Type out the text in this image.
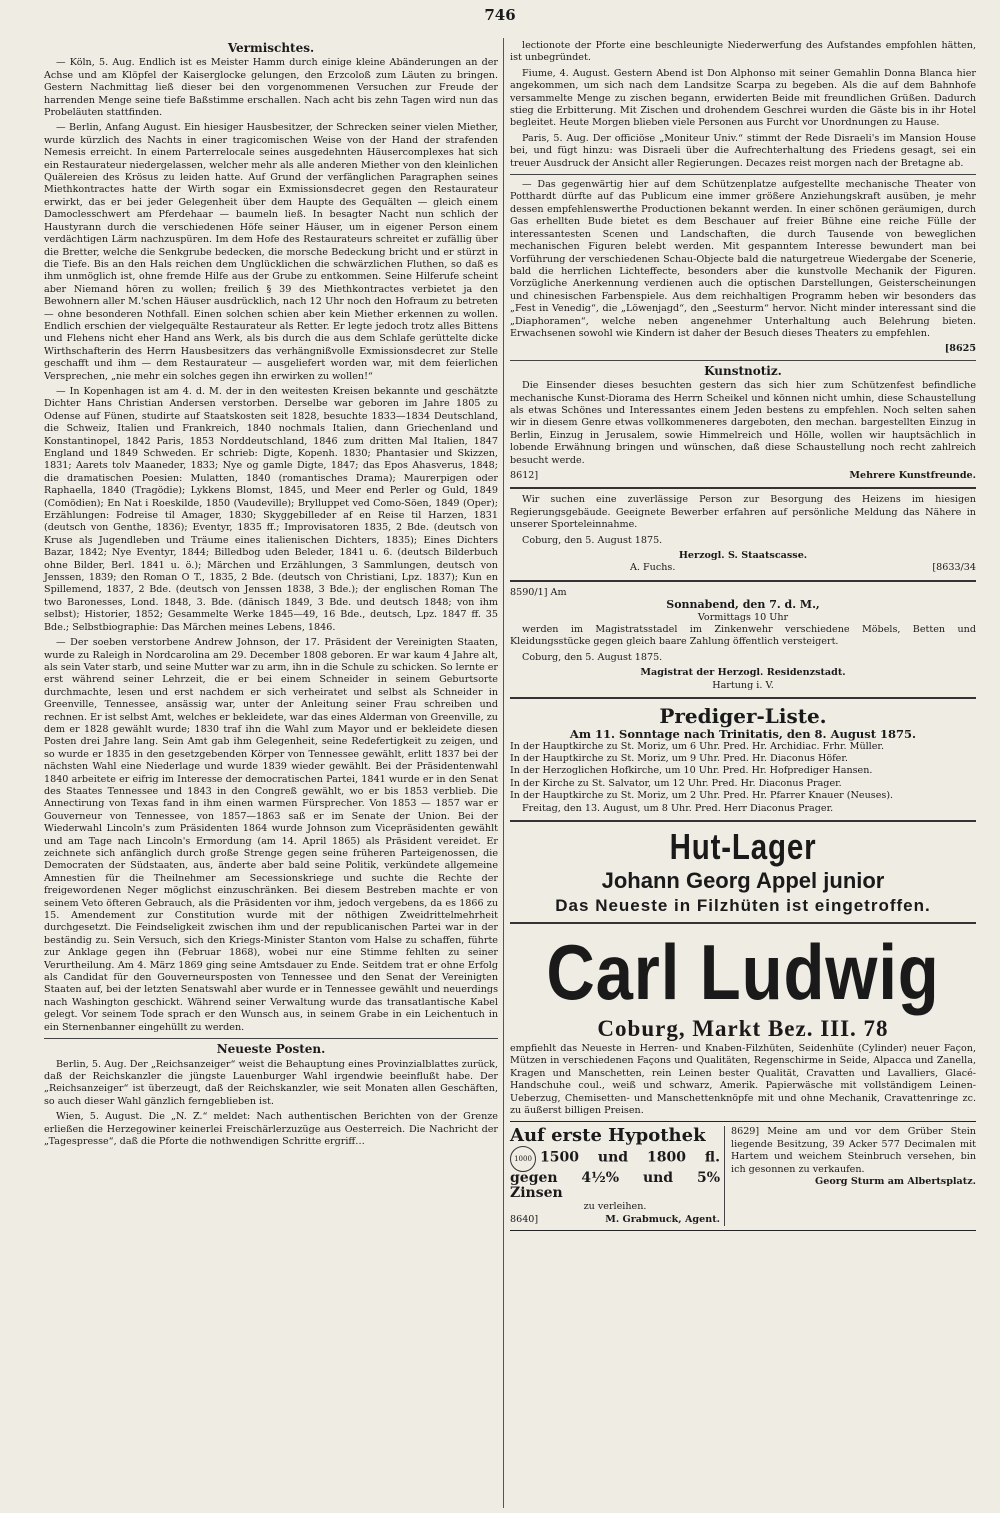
746
Vermischtes.

— Köln, 5. Aug. Endlich ist es Meister Hamm durch einige kleine Abänderungen an der Achse und am Klöpfel der Kaiserglocke gelungen, den Erzcoloß zum Läuten zu bringen. Gestern Nachmittag ließ dieser bei den vorgenommenen Versuchen zur Freude der harrenden Menge seine tiefe Baßstimme erschallen. Nach acht bis zehn Tagen wird nun das Probeläuten stattfinden.

— Berlin, Anfang August. Ein hiesiger Hausbesitzer, der Schrecken seiner vielen Miether, wurde kürzlich des Nachts in einer tragicomischen Weise von der Hand der strafenden Nemesis erreicht. In einem Parterrelocale seines ausgedehnten Häusercomplexes hat sich ein Restaurateur niedergelassen, welcher mehr als alle anderen Miether von den kleinlichen Quälereien des Krösus zu leiden hatte. Auf Grund der verfänglichen Paragraphen seines Miethkontractes hatte der Wirth sogar ein Exmissionsdecret gegen den Restaurateur erwirkt, das er bei jeder Gelegenheit über dem Haupte des Gequälten — gleich einem Damoclesschwert am Pferdehaar — baumeln ließ. In besagter Nacht nun schlich der Haustyrann durch die verschiedenen Höfe seiner Häuser, um in eigener Person einem verdächtigen Lärm nachzuspüren. Im dem Hofe des Restaurateurs schreitet er zufällig über die Bretter, welche die Senkgrube bedecken, die morsche Bedeckung bricht und er stürzt in die Tiefe. Bis an den Hals reichen dem Unglücklichen die schwärzlichen Fluthen, so daß es ihm unmöglich ist, ohne fremde Hilfe aus der Grube zu entkommen. Seine Hilferufe scheint aber Niemand hören zu wollen; freilich § 39 des Miethkontractes verbietet ja den Bewohnern aller M.'schen Häuser ausdrücklich, nach 12 Uhr noch den Hofraum zu betreten — ohne besonderen Nothfall. Einen solchen schien aber kein Miether erkennen zu wollen. Endlich erschien der vielgequälte Restaurateur als Retter. Er legte jedoch trotz alles Bittens und Flehens nicht eher Hand ans Werk, als bis durch die aus dem Schlafe gerüttelte dicke Wirthschafterin des Herrn Hausbesitzers das verhängnißvolle Exmissionsdecret zur Stelle geschafft und ihm — dem Restaurateur — ausgeliefert worden war, mit dem feierlichen Versprechen, „nie mehr ein solches gegen ihn erwirken zu wollen!“

— In Kopenhagen ist am 4. d. M. der in den weitesten Kreisen bekannte und geschätzte Dichter Hans Christian Andersen verstorben. Derselbe war geboren im Jahre 1805 zu Odense auf Fünen, studirte auf Staatskosten seit 1828, besuchte 1833—1834 Deutschland, die Schweiz, Italien und Frankreich, 1840 nochmals Italien, dann Griechenland und Konstantinopel, 1842 Paris, 1853 Norddeutschland, 1846 zum dritten Mal Italien, 1847 England und 1849 Schweden. Er schrieb: Digte, Kopenh. 1830; Phantasier und Skizzen, 1831; Aarets tolv Maaneder, 1833; Nye og gamle Digte, 1847; das Epos Ahasverus, 1848; die dramatischen Poesien: Mulatten, 1840 (romantisches Drama); Maurerpigen oder Raphaella, 1840 (Tragödie); Lykkens Blomst, 1845, und Meer end Perler og Guld, 1849 (Comödien); En Nat i Roeskilde, 1850 (Vaudeville); Brylluppet ved Como-Söen, 1849 (Oper); Erzählungen: Fodreise til Amager, 1830; Skyggebilleder af en Reise til Harzen, 1831 (deutsch von Genthe, 1836); Eventyr, 1835 ff.; Improvisatoren 1835, 2 Bde. (deutsch von Kruse als Jugendleben und Träume eines italienischen Dichters, 1835); Eines Dichters Bazar, 1842; Nye Eventyr, 1844; Billedbog uden Beleder, 1841 u. 6. (deutsch Bilderbuch ohne Bilder, Berl. 1841 u. ö.); Märchen und Erzählungen, 3 Sammlungen, deutsch von Jenssen, 1839; den Roman O T., 1835, 2 Bde. (deutsch von Christiani, Lpz. 1837); Kun en Spillemend, 1837, 2 Bde. (deutsch von Jenssen 1838, 3 Bde.); der englischen Roman The two Baronesses, Lond. 1848, 3. Bde. (dänisch 1849, 3 Bde. und deutsch 1848; von ihm selbst); Historier, 1852; Gesammelte Werke 1845—49, 16 Bde., deutsch, Lpz. 1847 ff. 35 Bde.; Selbstbiographie: Das Märchen meines Lebens, 1846.

— Der soeben verstorbene Andrew Johnson, der 17. Präsident der Vereinigten Staaten, wurde zu Raleigh in Nordcarolina am 29. December 1808 geboren. Er war kaum 4 Jahre alt, als sein Vater starb, und seine Mutter war zu arm, ihn in die Schule zu schicken. So lernte er erst während seiner Lehrzeit, die er bei einem Schneider in seinem Geburtsorte durchmachte, lesen und erst nachdem er sich verheiratet und selbst als Schneider in Greenville, Tennessee, ansässig war, unter der Anleitung seiner Frau schreiben und rechnen. Er ist selbst Amt, welches er bekleidete, war das eines Alderman von Greenville, zu dem er 1828 gewählt wurde; 1830 traf ihn die Wahl zum Mayor und er bekleidete diesen Posten drei Jahre lang. Sein Amt gab ihm Gelegenheit, seine Redefertigkeit zu zeigen, und so wurde er 1835 in den gesetzgebenden Körper von Tennessee gewählt, erlitt 1837 bei der nächsten Wahl eine Niederlage und wurde 1839 wieder gewählt. Bei der Präsidentenwahl 1840 arbeitete er eifrig im Interesse der democratischen Partei, 1841 wurde er in den Senat des Staates Tennessee und 1843 in den Congreß gewählt, wo er bis 1853 verblieb. Die Annectirung von Texas fand in ihm einen warmen Fürsprecher. Von 1853 — 1857 war er Gouverneur von Tennessee, von 1857—1863 saß er im Senate der Union. Bei der Wiederwahl Lincoln's zum Präsidenten 1864 wurde Johnson zum Vicepräsidenten gewählt und am Tage nach Lincoln's Ermordung (am 14. April 1865) als Präsident vereidet. Er zeichnete sich anfänglich durch große Strenge gegen seine früheren Parteigenossen, die Democraten der Südstaaten, aus, änderte aber bald seine Politik, verkündete allgemeine Amnestien für die Theilnehmer am Secessionskriege und suchte die Rechte der freigewordenen Neger möglichst einzuschränken. Bei diesem Bestreben machte er von seinem Veto öfteren Gebrauch, als die Präsidenten vor ihm, jedoch vergebens, da es 1866 zu 15. Amendement zur Constitution wurde mit der nöthigen Zweidrittelmehrheit durchgesetzt. Die Feindseligkeit zwischen ihm und der republicanischen Partei war in der beständig zu. Sein Versuch, sich den Kriegs-Minister Stanton vom Halse zu schaffen, führte zur Anklage gegen ihn (Februar 1868), wobei nur eine Stimme fehlten zu seiner Verurtheilung. Am 4. März 1869 ging seine Amtsdauer zu Ende. Seitdem trat er ohne Erfolg als Candidat für den Gouverneursposten von Tennessee und den Senat der Vereinigten Staaten auf, bei der letzten Senatswahl aber wurde er in Tennessee gewählt und neuerdings nach Washington geschickt. Während seiner Verwaltung wurde das transatlantische Kabel gelegt. Vor seinem Tode sprach er den Wunsch aus, in seinem Grabe in ein Leichentuch in ein Sternenbanner eingehüllt zu werden.

Neueste Posten.

Berlin, 5. Aug. Der „Reichsanzeiger“ weist die Behauptung eines Provinzialblattes zurück, daß der Reichskanzler die jüngste Lauenburger Wahl irgendwie beeinflußt habe. Der „Reichsanzeiger“ ist überzeugt, daß der Reichskanzler, wie seit Monaten allen Geschäften, so auch dieser Wahl gänzlich ferngeblieben ist.

Wien, 5. August. Die „N. Z.“ meldet: Nach authentischen Berichten von der Grenze erließen die Herzegowiner keinerlei Freischärlerzuzüge aus Oesterreich. Die Nachricht der „Tagespresse“, daß die Pforte die nothwendigen Schritte ergriff…

lectionote der Pforte eine beschleunigte Niederwerfung des Aufstandes empfohlen hätten, ist unbegründet.

Fiume, 4. August. Gestern Abend ist Don Alphonso mit seiner Gemahlin Donna Blanca hier angekommen, um sich nach dem Landsitze Scarpa zu begeben. Als die auf dem Bahnhofe versammelte Menge zu zischen begann, erwiderten Beide mit freundlichen Grüßen. Dadurch stieg die Erbitterung. Mit Zischen und drohendem Geschrei wurden die Gäste bis in ihr Hotel begleitet. Heute Morgen blieben viele Personen aus Furcht vor Unordnungen zu Hause.

Paris, 5. Aug. Der officiöse „Moniteur Univ.“ stimmt der Rede Disraeli's im Mansion House bei, und fügt hinzu: was Disraeli über die Aufrechterhaltung des Friedens gesagt, sei ein treuer Ausdruck der Ansicht aller Regierungen. Decazes reist morgen nach der Bretagne ab.

— Das gegenwärtig hier auf dem Schützenplatze aufgestellte mechanische Theater von Potthardt dürfte auf das Publicum eine immer größere Anziehungskraft ausüben, je mehr dessen empfehlenswerthe Productionen bekannt werden. In einer schönen geräumigen, durch Gas erhellten Bude bietet es dem Beschauer auf freier Bühne eine reiche Fülle der interessantesten Scenen und Landschaften, die durch Tausende von beweglichen mechanischen Figuren belebt werden. Mit gespanntem Interesse bewundert man bei Vorführung der verschiedenen Schau-Objecte bald die naturgetreue Wiedergabe der Scenerie, bald die herrlichen Lichteffecte, besonders aber die kunstvolle Mechanik der Figuren. Vorzügliche Anerkennung verdienen auch die optischen Darstellungen, Geisterscheinungen und chinesischen Farbenspiele. Aus dem reichhaltigen Programm heben wir besonders das „Fest in Venedig“, die „Löwenjagd“, den „Seesturm“ hervor. Nicht minder interessant sind die „Diaphoramen“, welche neben angenehmer Unterhaltung auch Belehrung bieten. Erwachsenen sowohl wie Kindern ist daher der Besuch dieses Theaters zu empfehlen.

[8625
Kunstnotiz.

Die Einsender dieses besuchten gestern das sich hier zum Schützenfest befindliche mechanische Kunst-Diorama des Herrn Scheikel und können nicht umhin, diese Schaustellung als etwas Schönes und Interessantes einem Jeden bestens zu empfehlen. Noch selten sahen wir in diesem Genre etwas vollkommeneres dargeboten, den mechan. bargestellten Einzug in Berlin, Einzug in Jerusalem, sowie Himmelreich und Hölle, wollen wir hauptsächlich in lobende Erwähnung bringen und wünschen, daß diese Schaustellung noch recht zahlreich besucht werde.

8612]	Mehrere Kunstfreunde.

Wir suchen eine zuverlässige Person zur Besorgung des Heizens im hiesigen Regierungsgebäude. Geeignete Bewerber erfahren auf persönliche Meldung das Nähere in unserer Sporteleinnahme.

Coburg, den 5. August 1875.

Herzogl. S. Staatscasse.
A. Fuchs.	[8633/34
8590/1] Am
Sonnabend, den 7. d. M.,
Vormittags 10 Uhr

werden im Magistratsstadel im Zinkenwehr verschiedene Möbels, Betten und Kleidungsstücke gegen gleich baare Zahlung öffentlich versteigert.

Coburg, den 5. August 1875.

Magistrat der Herzogl. Residenzstadt.
Hartung i. V.
Prediger-Liste.
Am 11. Sonntage nach Trinitatis, den 8. August 1875.
In der Hauptkirche zu St. Moriz, um 6 Uhr. Pred. Hr. Archidiac. Frhr. Müller.
In der Hauptkirche zu St. Moriz, um 9 Uhr. Pred. Hr. Diaconus Höfer.
In der Herzoglichen Hofkirche, um 10 Uhr. Pred. Hr. Hofprediger Hansen.
In der Kirche zu St. Salvator, um 12 Uhr. Pred. Hr. Diaconus Prager.
In der Hauptkirche zu St. Moriz, um 2 Uhr. Pred. Hr. Pfarrer Knauer (Neuses).
Freitag, den 13. August, um 8 Uhr. Pred. Herr Diaconus Prager.
Hut-Lager
Johann Georg Appel junior
Das Neueste in Filzhüten ist eingetroffen.
Carl Ludwig
Coburg, Markt Bez. III. 78

empfiehlt das Neueste in Herren- und Knaben-Filzhüten, Seidenhüte (Cylinder) neuer Façon, Mützen in verschiedenen Façons und Qualitäten, Regenschirme in Seide, Alpacca und Zanella, Kragen und Manschetten, rein Leinen bester Qualität, Cravatten und Lavalliers, Glacé-Handschuhe coul., weiß und schwarz, Amerik. Papierwäsche mit vollständigem Leinen-Ueberzug, Chemisetten- und Manschettenknöpfe mit und ohne Mechanik, Cravattenringe zc. zu äußerst billigen Preisen.

Auf erste Hypothek
1000 1500 und 1800 fl. gegen 4½% und 5% Zinsen
zu verleihen.
8640]	M. Grabmuck, Agent.
8629] Meine am und vor dem Grüber Stein liegende Besitzung, 39 Acker 577 Decimalen mit Hartem und weichem Steinbruch versehen, bin ich gesonnen zu verkaufen.
Georg Sturm am Albertsplatz.
